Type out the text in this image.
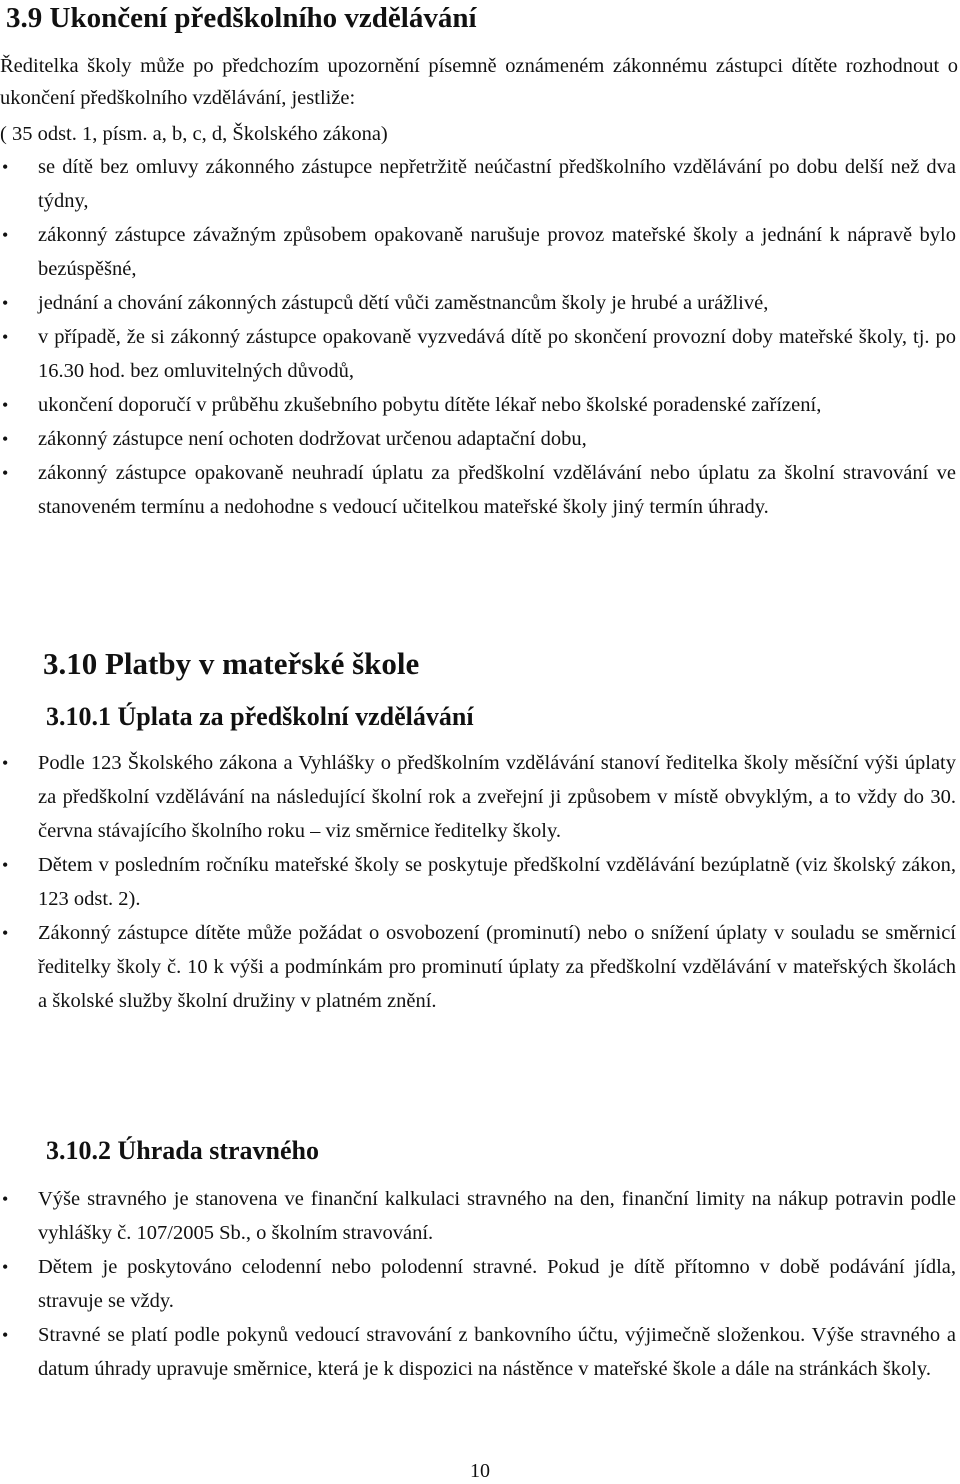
3.9 Ukončení předškolního vzdělávání

Ředitelka školy může po předchozím upozornění písemně oznámeném zákonnému zástupci dítěte rozhodnout o ukončení předškolního vzdělávání, jestliže:

( 35 odst. 1, písm. a, b, c, d, Školského zákona)

• se dítě bez omluvy zákonného zástupce nepřetržitě neúčastní předškolního vzdělávání po dobu delší než dva týdny,
• zákonný zástupce závažným způsobem opakovaně narušuje provoz mateřské školy a jednání k nápravě bylo bezúspěšné,
• jednání a chování zákonných zástupců dětí vůči zaměstnancům školy je hrubé a urážlivé,
• v případě, že si zákonný zástupce opakovaně vyzvedává dítě po skončení provozní doby mateřské školy, tj. po 16.30 hod. bez omluvitelných důvodů,
• ukončení doporučí v průběhu zkušebního pobytu dítěte lékař nebo školské poradenské zařízení,
• zákonný zástupce není ochoten dodržovat určenou adaptační dobu,
• zákonný zástupce opakovaně neuhradí úplatu za předškolní vzdělávání nebo úplatu za školní stravování ve stanoveném termínu a nedohodne s vedoucí učitelkou mateřské školy jiný termín úhrady.
3.10 Platby v mateřské škole
3.10.1 Úplata za předškolní vzdělávání
• Podle 123 Školského zákona a Vyhlášky o předškolním vzdělávání stanoví ředitelka školy měsíční výši úplaty za předškolní vzdělávání na následující školní rok a zveřejní ji způsobem v místě obvyklým, a to vždy do 30. června stávajícího školního roku – viz směrnice ředitelky školy.
• Dětem v posledním ročníku mateřské školy se poskytuje předškolní vzdělávání bezúplatně (viz školský zákon, 123 odst. 2).
• Zákonný zástupce dítěte může požádat o osvobození (prominutí) nebo o snížení úplaty v souladu se směrnicí ředitelky školy č. 10 k výši a podmínkám pro prominutí úplaty za předškolní vzdělávání v mateřských školách a školské služby školní družiny v platném znění.
3.10.2 Úhrada stravného
• Výše stravného je stanovena ve finanční kalkulaci stravného na den, finanční limity na nákup potravin podle vyhlášky č. 107/2005 Sb., o školním stravování.
• Dětem je poskytováno celodenní nebo polodenní stravné. Pokud je dítě přítomno v době podávání jídla, stravuje se vždy.
• Stravné se platí podle pokynů vedoucí stravování z bankovního účtu, výjimečně složenkou. Výše stravného a datum úhrady upravuje směrnice, která je k dispozici na nástěnce v mateřské škole a dále na stránkách školy.
10
